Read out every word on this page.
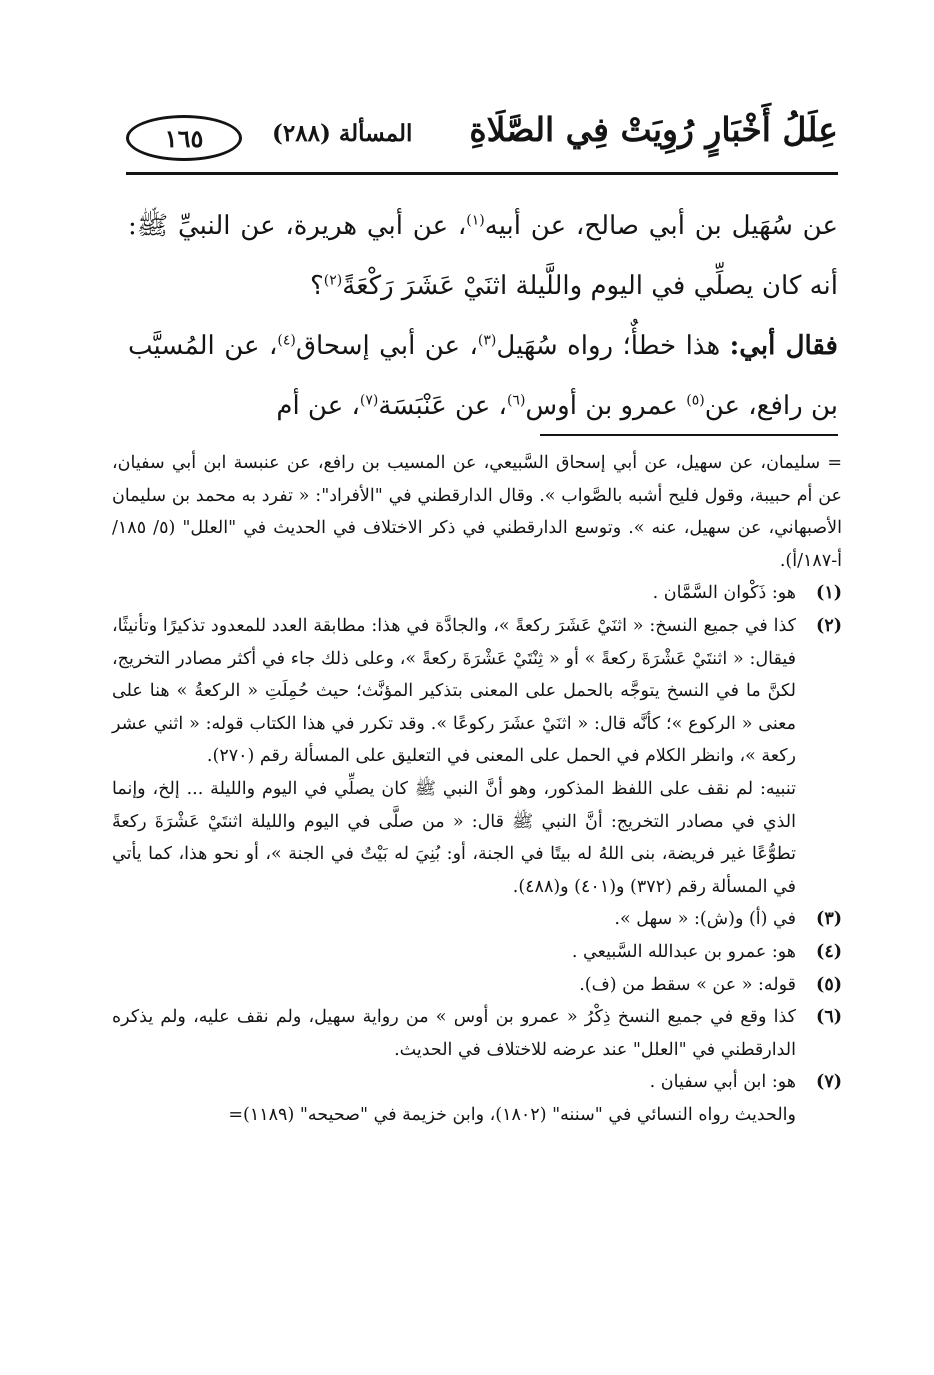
عِلَلُ أَخْبَارٍ رُوِيَتْ فِي الصَّلَاةِ
المسألة (٢٨٨)
١٦٥

عن سُهَيل بن أبي صالح، عن أبيه$^{(١)}$، عن أبي هريرة، عن النبيِّ ﷺ: أنه كان يصلِّي في اليوم واللَّيلة اثنَيْ عَشَرَ رَكْعَةً$^{(٢)}$؟

فقال أبي: هذا خطأٌ؛ رواه سُهَيل$^{(٣)}$، عن أبي إسحاق$^{(٤)}$، عن المُسيَّب بن رافع، عن$^{(٥)}$ عمرو بن أوس$^{(٦)}$، عن عَنْبَسَة$^{(٧)}$، عن أم

= سليمان، عن سهيل، عن أبي إسحاق السَّبيعي، عن المسيب بن رافع، عن عنبسة ابن أبي سفيان، عن أم حبيبة، وقول فليح أشبه بالصَّواب ». وقال الدارقطني في "الأفراد": « تفرد به محمد بن سليمان الأصبهاني، عن سهيل، عنه ». وتوسع الدارقطني في ذكر الاختلاف في الحديث في "العلل" (٥/ ١٨٥/أ-١٨٧/أ).
(١)
هو: ذَكْوان السَّمَّان .
(٢)
كذا في جميع النسخ: « اثنَيْ عَشَرَ ركعةً »، والجادَّة في هذا: مطابقة العدد للمعدود تذكيرًا وتأنيثًا، فيقال: « اثنتَيْ عَشْرَةَ ركعةً » أو « ثِنْتَيْ عَشْرَةَ ركعةً »، وعلى ذلك جاء في أكثر مصادر التخريج، لكنَّ ما في النسخ يتوجَّه بالحمل على المعنى بتذكير المؤنَّث؛ حيث حُمِلَتِ « الركعةُ » هنا على معنى « الركوع »؛ كأنَّه قال: « اثنَيْ عشَرَ ركوعًا ». وقد تكرر في هذا الكتاب قوله: « اثني عشر ركعة »، وانظر الكلام في الحمل على المعنى في التعليق على المسألة رقم (٢٧٠).
تنبيه: لم نقف على اللفظ المذكور، وهو أنَّ النبي ﷺ كان يصلِّي في اليوم والليلة ... إلخ، وإنما الذي في مصادر التخريج: أنَّ النبي ﷺ قال: « من صلَّى في اليوم والليلة اثنتَيْ عَشْرَةَ ركعةً تطوُّعًا غير فريضة، بنى اللهُ له بيتًا في الجنة، أو: بُنِيَ له بَيْتٌ في الجنة »، أو نحو هذا، كما يأتي في المسألة رقم (٣٧٢) و(٤٠١) و(٤٨٨).
(٣)
في (أ) و(ش): « سهل ».
(٤)
هو: عمرو بن عبدالله السَّبيعي .
(٥)
قوله: « عن » سقط من (ف).
(٦)
كذا وقع في جميع النسخ ذِكْرُ « عمرو بن أوس » من رواية سهيل، ولم نقف عليه، ولم يذكره الدارقطني في "العلل" عند عرضه للاختلاف في الحديث.
(٧)
هو: ابن أبي سفيان .
والحديث رواه النسائي في "سننه" (١٨٠٢)، وابن خزيمة في "صحيحه" (١١٨٩)=
